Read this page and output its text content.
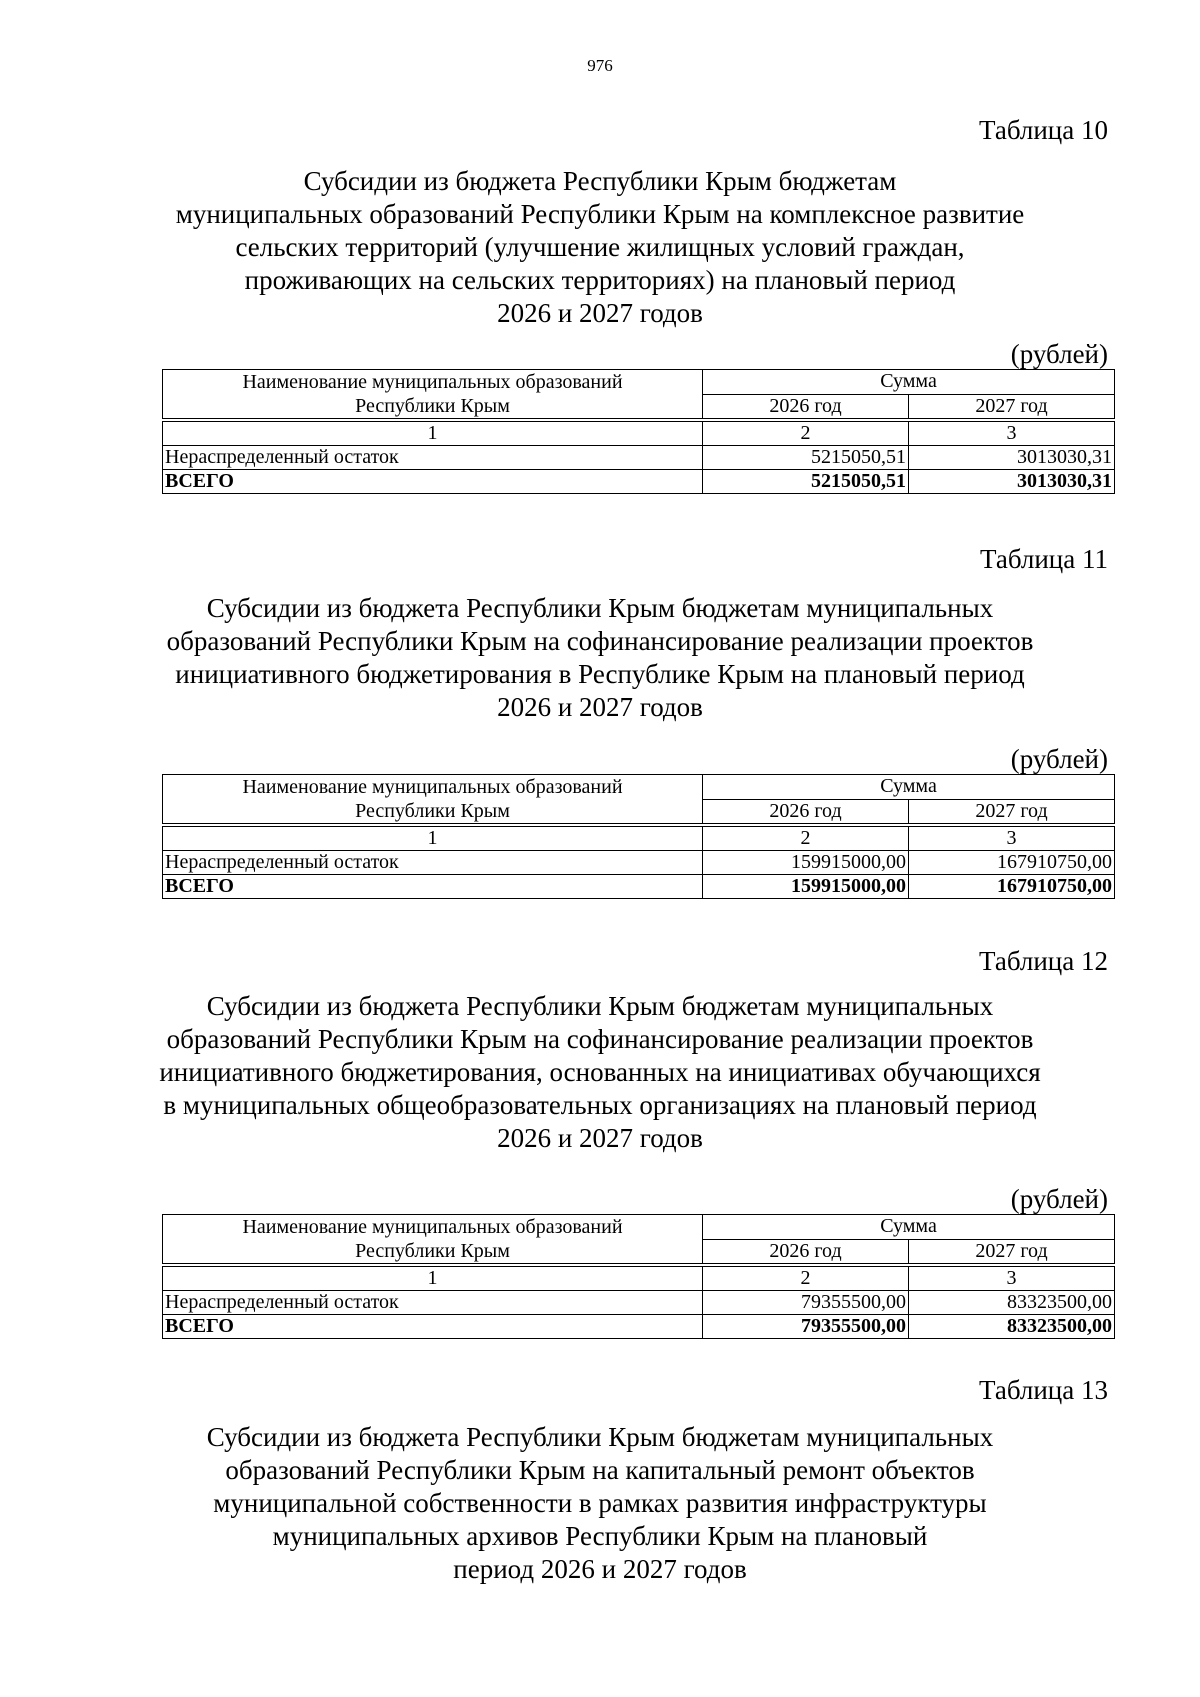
976
Таблица 10
Субсидии из бюджета Республики Крым бюджетам
муниципальных образований Республики Крым на комплексное развитие
сельских территорий (улучшение жилищных условий граждан,
проживающих на сельских территориях) на плановый период
2026 и 2027 годов
(рублей)
Наименование муниципальных образований
Республики Крым	Сумма	
	2026 год	2027 год

1	2	3
Нераспределенный остаток	5215050,51	3013030,31
ВСЕГО	5215050,51	3013030,31
Таблица 11
Субсидии из бюджета Республики Крым бюджетам муниципальных
образований Республики Крым на софинансирование реализации проектов
инициативного бюджетирования в Республике Крым на плановый период
2026 и 2027 годов
(рублей)
Наименование муниципальных образований
Республики Крым	Сумма	
	2026 год	2027 год

1	2	3
Нераспределенный остаток	159915000,00	167910750,00
ВСЕГО	159915000,00	167910750,00
Таблица 12
Субсидии из бюджета Республики Крым бюджетам муниципальных
образований Республики Крым на софинансирование реализации проектов
инициативного бюджетирования, основанных на инициативах обучающихся
в муниципальных общеобразовательных организациях на плановый период
2026 и 2027 годов
(рублей)
Наименование муниципальных образований
Республики Крым	Сумма	
	2026 год	2027 год

1	2	3
Нераспределенный остаток	79355500,00	83323500,00
ВСЕГО	79355500,00	83323500,00
Таблица 13
Субсидии из бюджета Республики Крым бюджетам муниципальных
образований Республики Крым на капитальный ремонт объектов
муниципальной собственности в рамках развития инфраструктуры
муниципальных архивов Республики Крым на плановый
период 2026 и 2027 годов
